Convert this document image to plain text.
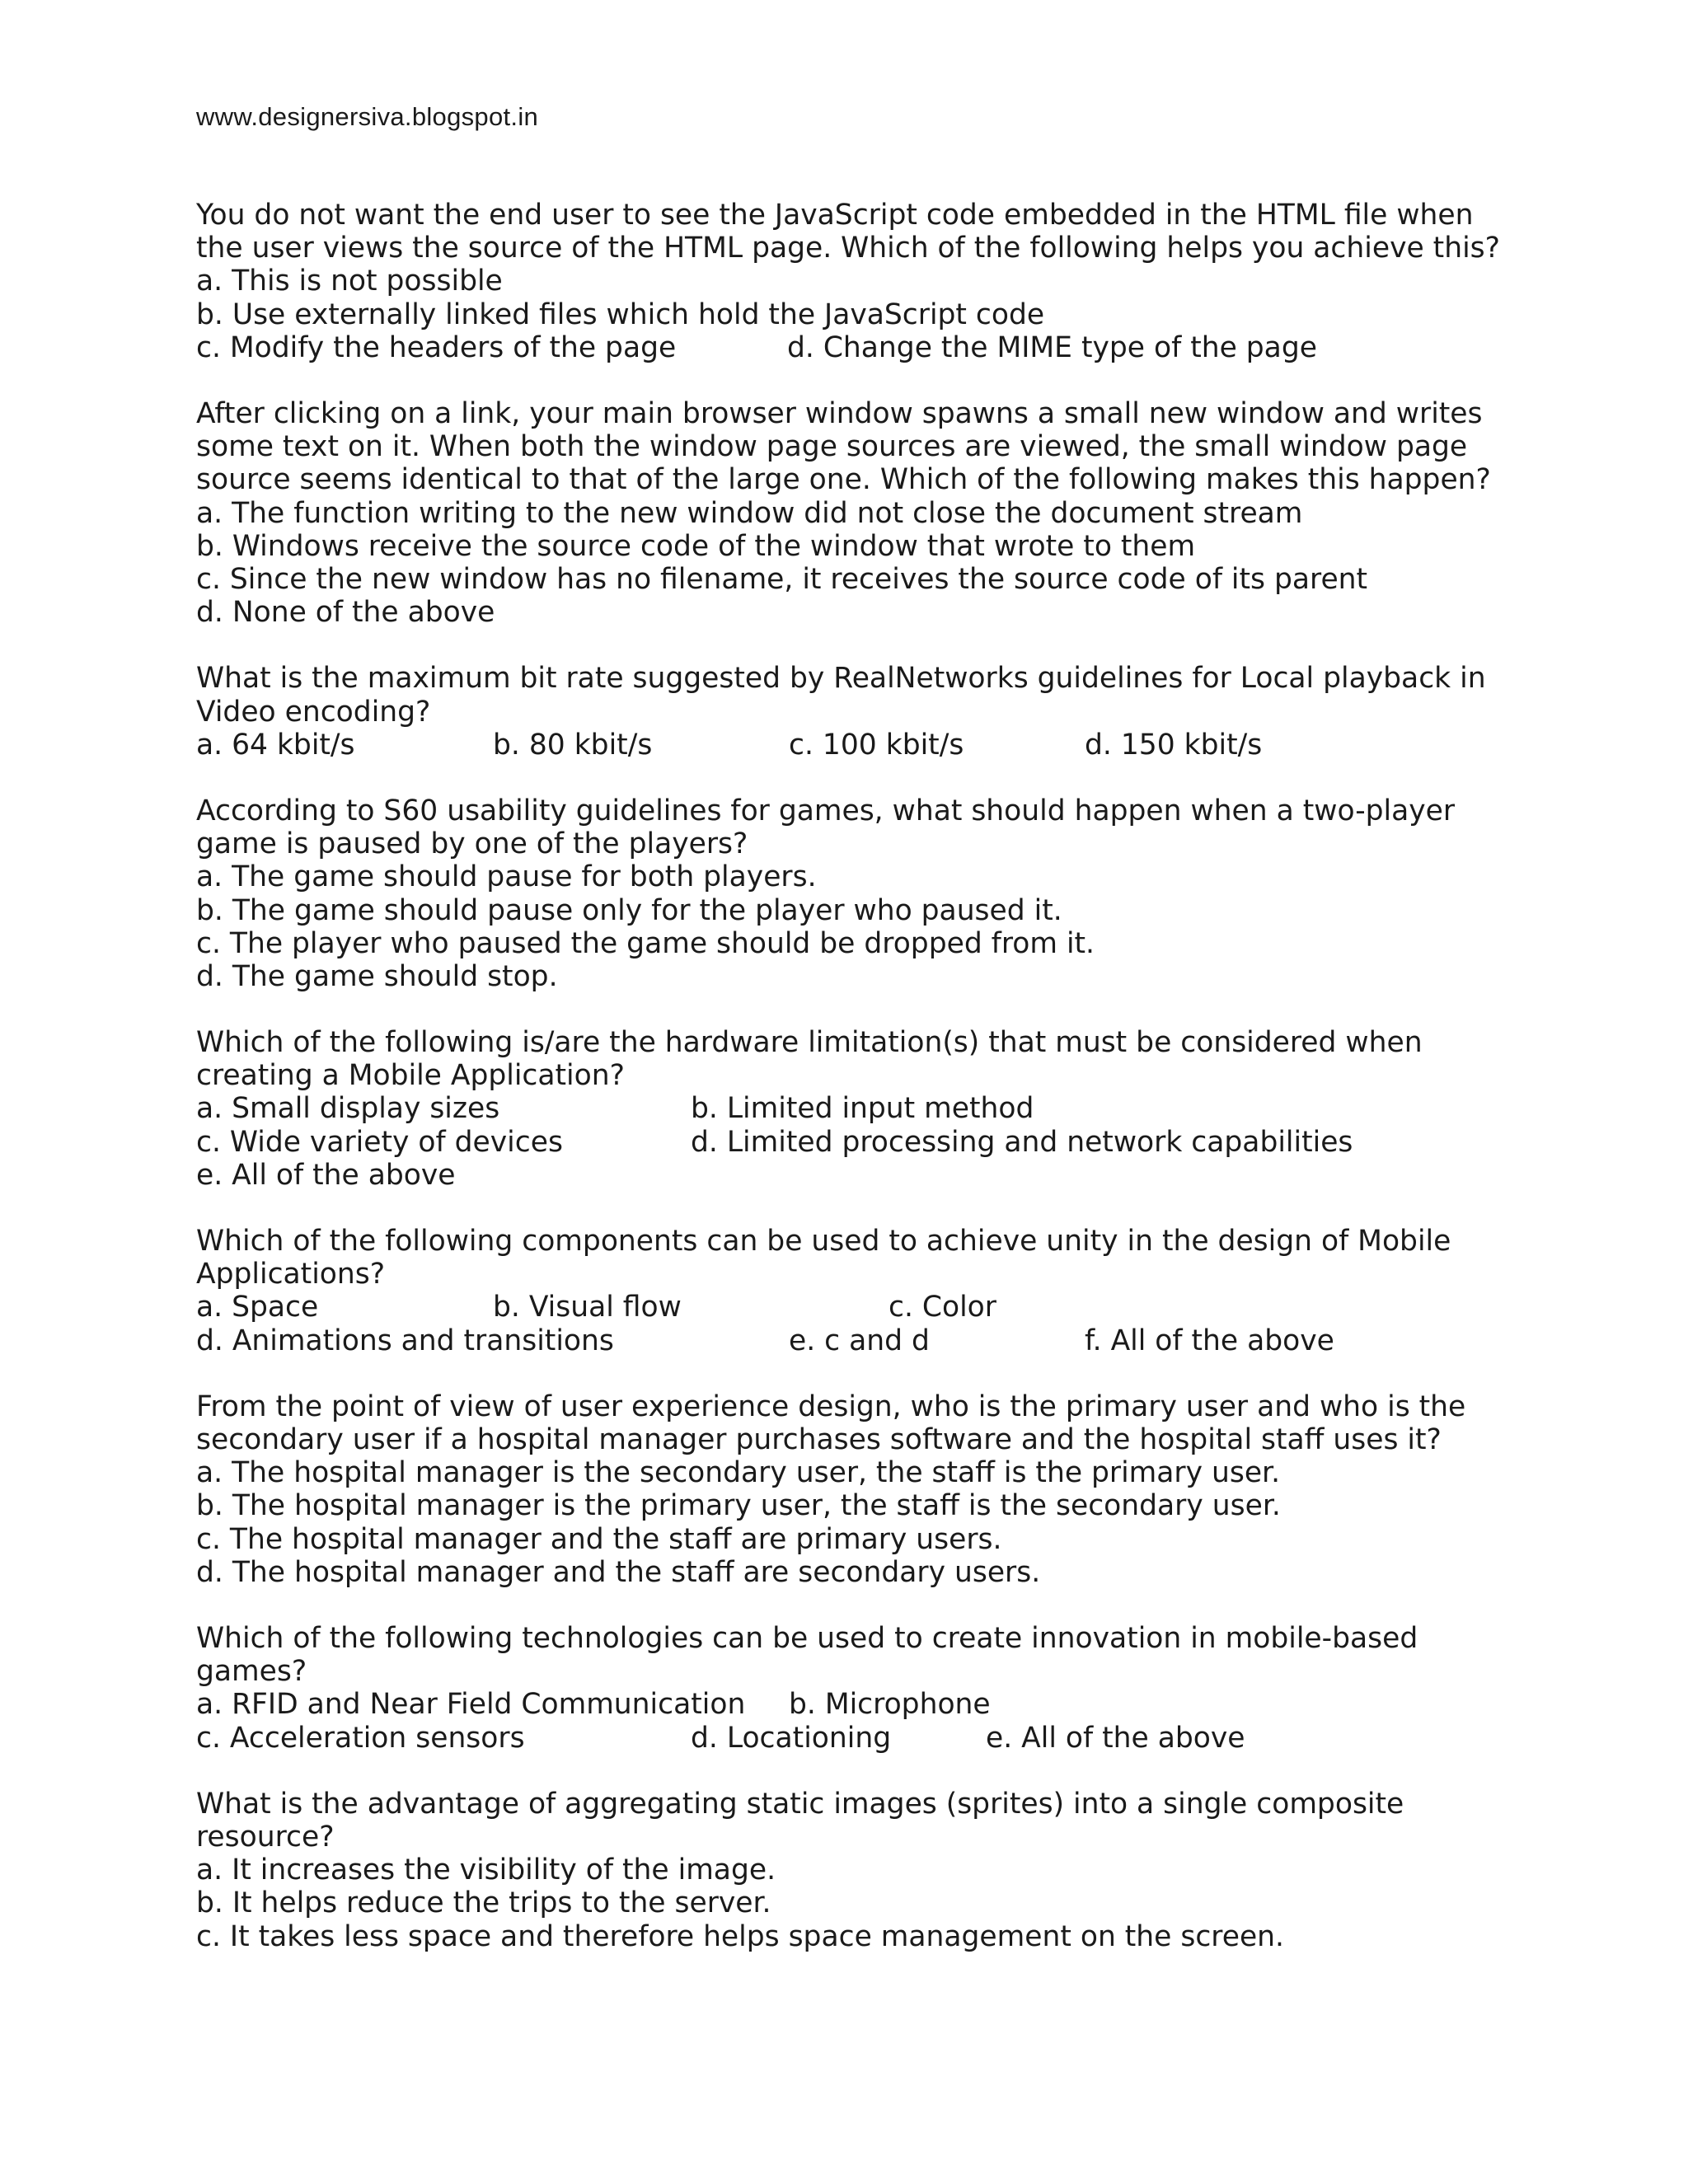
www.designersiva.blogspot.in
You do not want the end user to see the JavaScript code embedded in the HTML file when
the user views the source of the HTML page. Which of the following helps you achieve this?
a. This is not possible
b. Use externally linked files which hold the JavaScript code
c. Modify the headers of the page	d. Change the MIME type of the page
After clicking on a link, your main browser window spawns a small new window and writes
some text on it. When both the window page sources are viewed, the small window page
source seems identical to that of the large one. Which of the following makes this happen?
a. The function writing to the new window did not close the document stream
b. Windows receive the source code of the window that wrote to them
c. Since the new window has no filename, it receives the source code of its parent
d. None of the above
What is the maximum bit rate suggested by RealNetworks guidelines for Local playback in
Video encoding?
a. 64 kbit/s	b. 80 kbit/s	c. 100 kbit/s	d. 150 kbit/s
According to S60 usability guidelines for games, what should happen when a two-player
game is paused by one of the players?
a. The game should pause for both players.
b. The game should pause only for the player who paused it.
c. The player who paused the game should be dropped from it.
d. The game should stop.
Which of the following is/are the hardware limitation(s) that must be considered when
creating a Mobile Application?
a. Small display sizes	b. Limited input method
c. Wide variety of devices	d. Limited processing and network capabilities
e. All of the above
Which of the following components can be used to achieve unity in the design of Mobile
Applications?
a. Space	b. Visual flow	c. Color
d. Animations and transitions	e. c and d	f. All of the above
From the point of view of user experience design, who is the primary user and who is the
secondary user if a hospital manager purchases software and the hospital staff uses it?
a. The hospital manager is the secondary user, the staff is the primary user.
b. The hospital manager is the primary user, the staff is the secondary user.
c. The hospital manager and the staff are primary users.
d. The hospital manager and the staff are secondary users.
Which of the following technologies can be used to create innovation in mobile-based
games?
a. RFID and Near Field Communication b. Microphone
c. Acceleration sensors	d. Locationing	e. All of the above
What is the advantage of aggregating static images (sprites) into a single composite
resource?
a. It increases the visibility of the image.
b. It helps reduce the trips to the server.
c. It takes less space and therefore helps space management on the screen.
